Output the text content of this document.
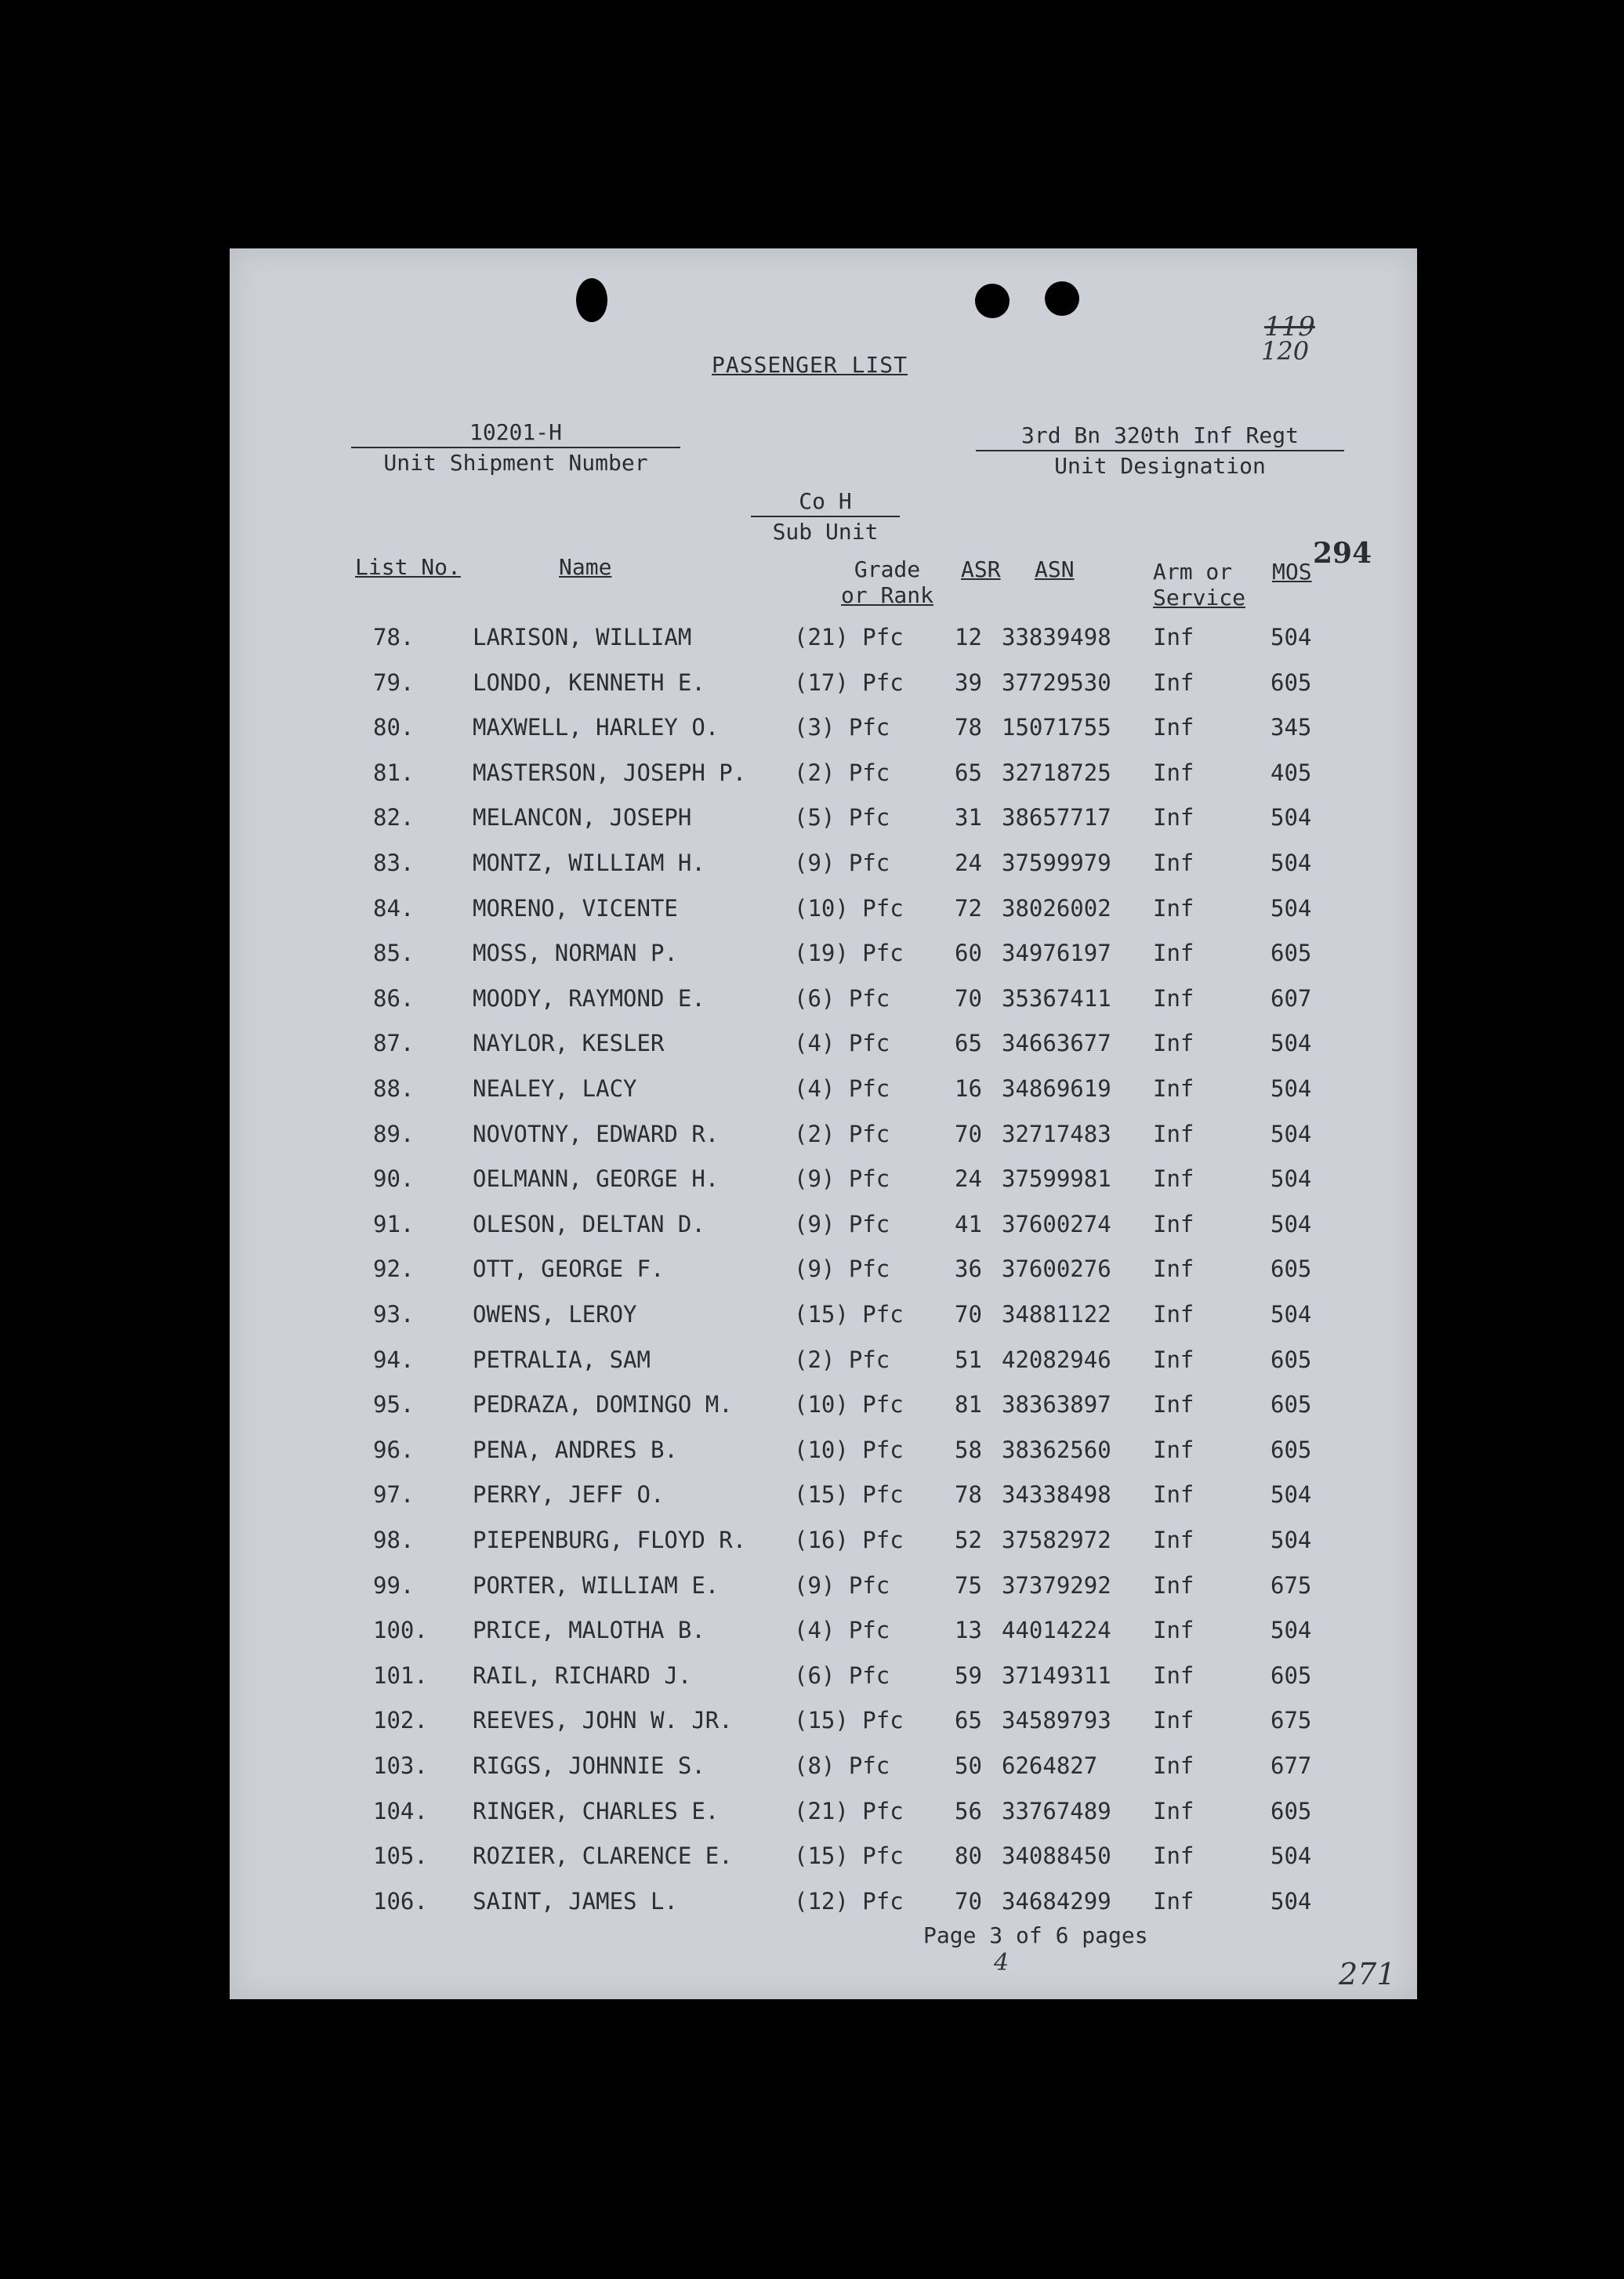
119
120
PASSENGER LIST
10201-H
Unit Shipment Number
3rd Bn 320th Inf Regt
Unit Designation
Co H
Sub Unit
294
List No.	Name	Grade
or Rank
ASR ASN	Arm or
Service
MOS
78.	LARISON, WILLIAM	(21) Pfc 12 33839498 Inf	504
79.	LONDO, KENNETH E.	(17) Pfc 39 37729530 Inf	605
80.	MAXWELL, HARLEY O.	(3) Pfc	78 15071755 Inf	345
81.	MASTERSON, JOSEPH P. (2) Pfc	65 32718725 Inf	405
82.	MELANCON, JOSEPH	(5) Pfc	31 38657717 Inf	504
83.	MONTZ, WILLIAM H.	(9) Pfc	24 37599979 Inf	504
84.	MORENO, VICENTE	(10) Pfc 72 38026002 Inf	504
85.	MOSS, NORMAN P.	(19) Pfc 60 34976197 Inf	605
86.	MOODY, RAYMOND E.	(6) Pfc	70 35367411 Inf	607
87.	NAYLOR, KESLER	(4) Pfc	65 34663677 Inf	504
88.	NEALEY, LACY	(4) Pfc	16 34869619 Inf	504
89.	NOVOTNY, EDWARD R.	(2) Pfc	70 32717483 Inf	504
90.	OELMANN, GEORGE H.	(9) Pfc	24 37599981 Inf	504
91.	OLESON, DELTAN D.	(9) Pfc	41 37600274 Inf	504
92.	OTT, GEORGE F.	(9) Pfc	36 37600276 Inf	605
93.	OWENS, LEROY	(15) Pfc 70 34881122 Inf	504
94.	PETRALIA, SAM	(2) Pfc	51 42082946 Inf	605
95.	PEDRAZA, DOMINGO M.	(10) Pfc 81 38363897 Inf	605
96.	PENA, ANDRES B.	(10) Pfc 58 38362560 Inf	605
97.	PERRY, JEFF O.	(15) Pfc 78 34338498 Inf	504
98.	PIEPENBURG, FLOYD R. (16) Pfc 52 37582972 Inf	504
99.	PORTER, WILLIAM E.	(9) Pfc	75 37379292 Inf	675
100. PRICE, MALOTHA B.	(4) Pfc	13 44014224 Inf	504
101. RAIL, RICHARD J.	(6) Pfc	59 37149311 Inf	605
102. REEVES, JOHN W. JR.	(15) Pfc 65 34589793 Inf	675
103. RIGGS, JOHNNIE S.	(8) Pfc	50 6264827 Inf	677
104. RINGER, CHARLES E.	(21) Pfc 56 33767489 Inf	605
105. ROZIER, CLARENCE E.	(15) Pfc 80 34088450 Inf	504
106. SAINT, JAMES L.	(12) Pfc 70 34684299 Inf	504
Page 3 of 6 pages
4	271
